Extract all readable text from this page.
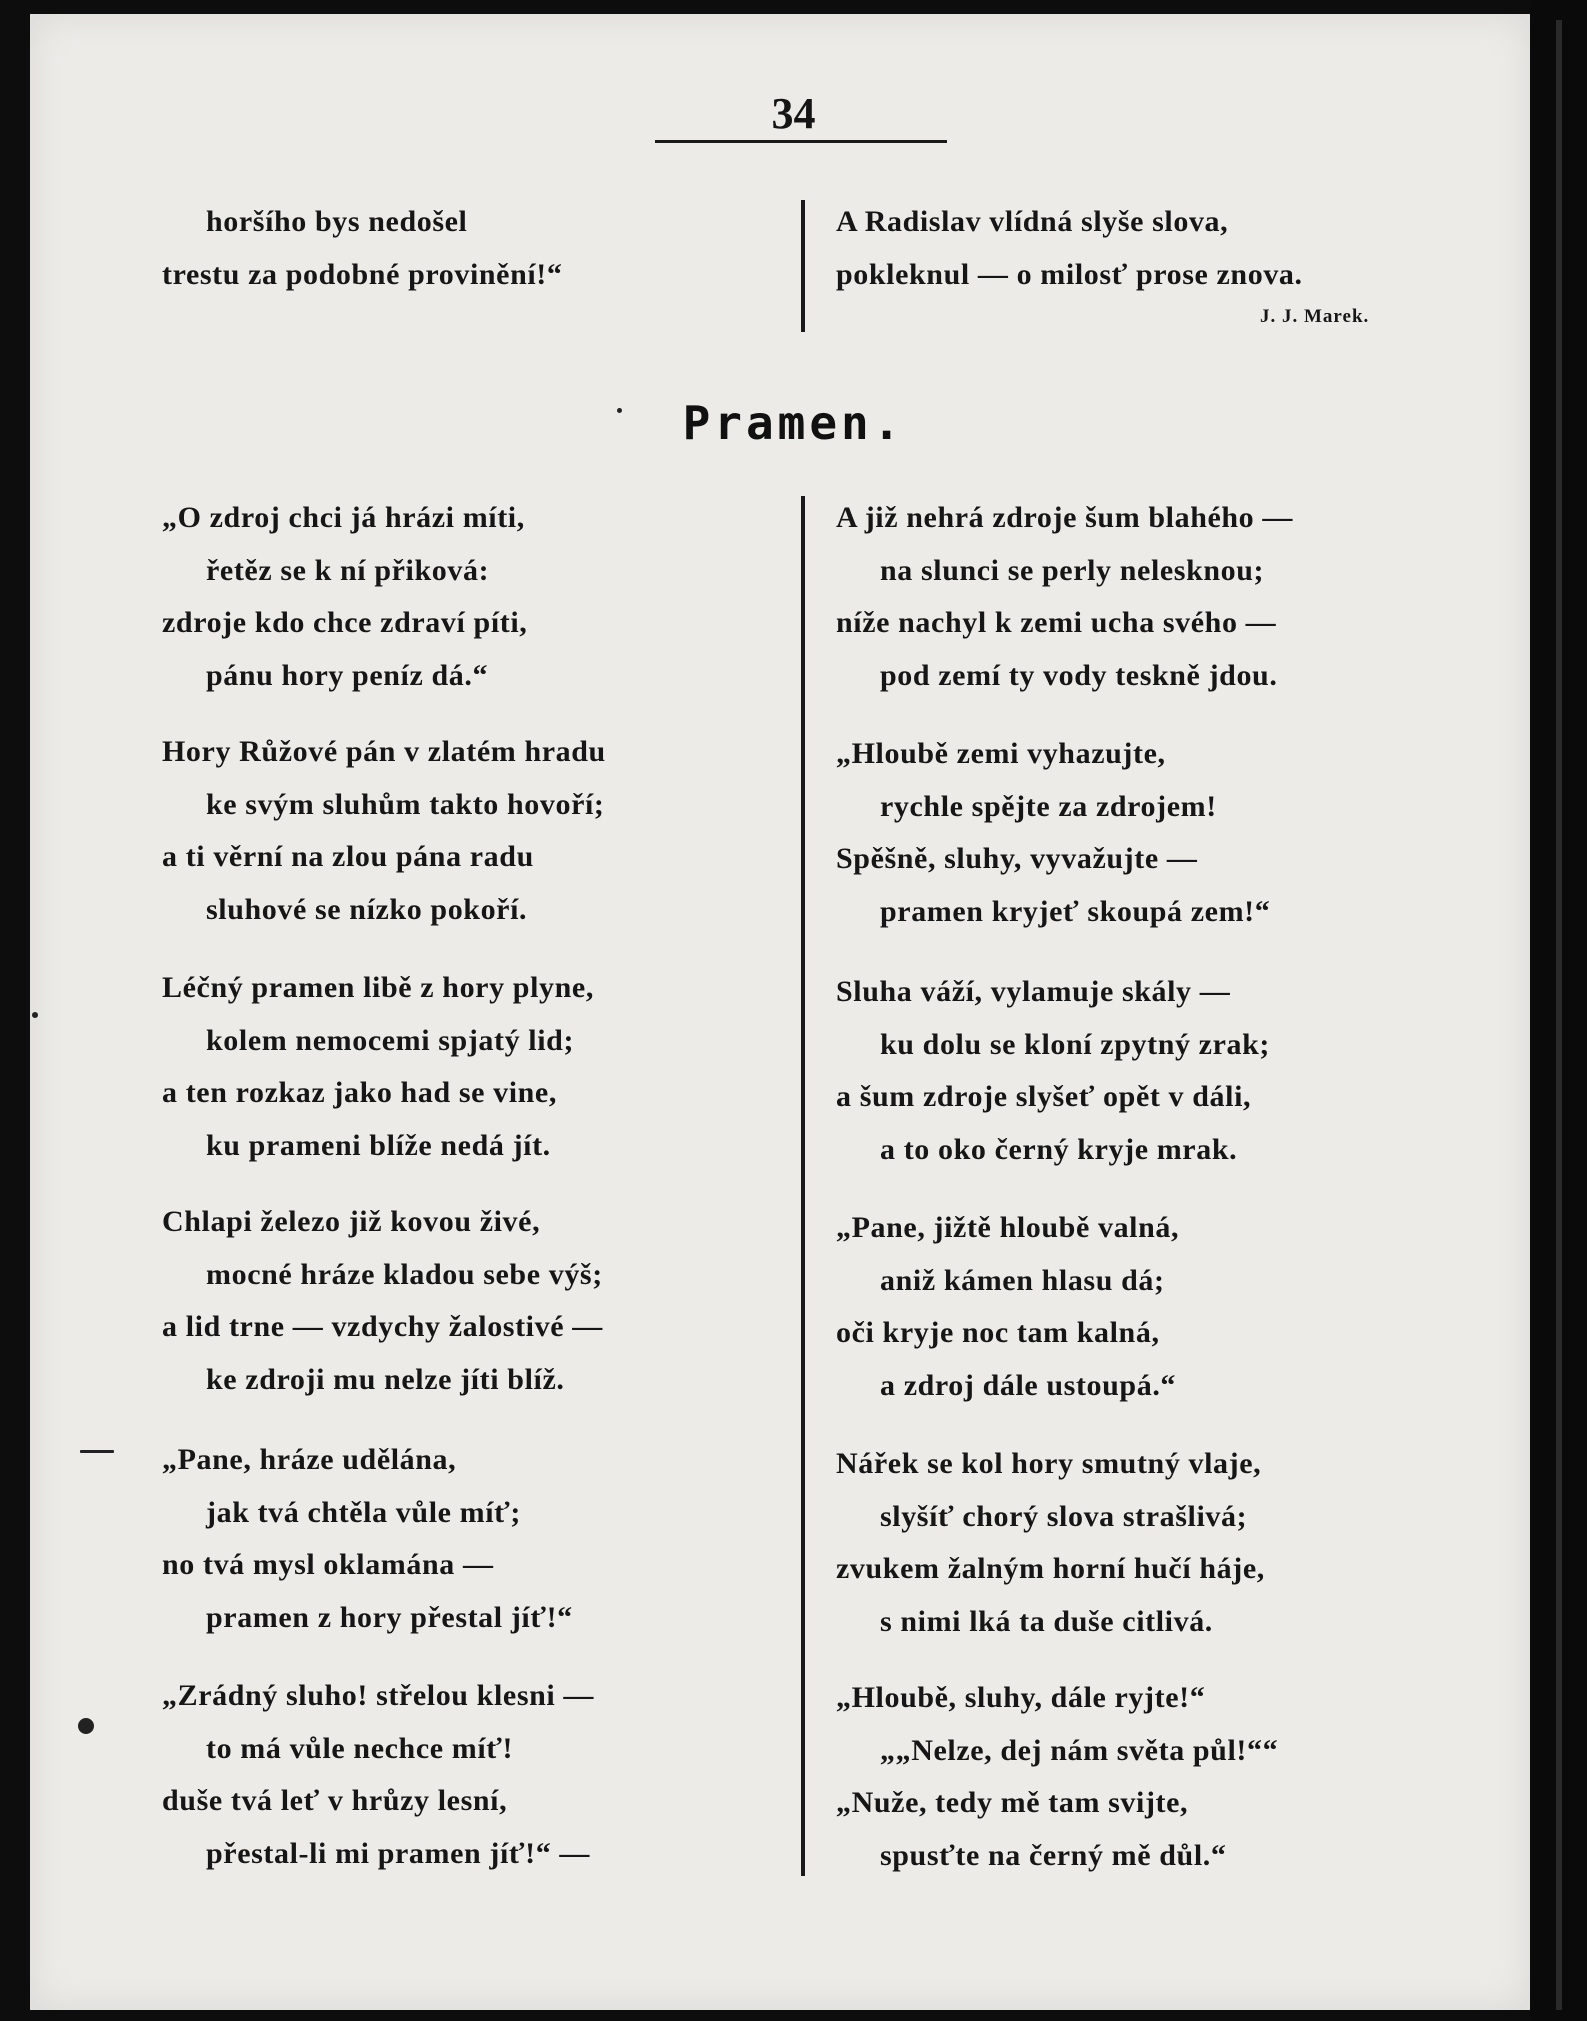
34
horšího bys nedošel
trestu za podobné provinění!“
A Radislav vlídná slyše slova,
pokleknul — o milosť prose znova.
J. J. Marek.
Pramen.
„O zdroj chci já hrázi míti,
řetěz se k ní přiková:
zdroje kdo chce zdraví píti,
pánu hory peníz dá.“
Hory Růžové pán v zlatém hradu
ke svým sluhům takto hovoří;
a ti věrní na zlou pána radu
sluhové se nízko pokoří.
Léčný pramen libě z hory plyne,
kolem nemocemi spjatý lid;
a ten rozkaz jako had se vine,
ku prameni blíže nedá jít.
Chlapi železo již kovou živé,
mocné hráze kladou sebe výš;
a lid trne — vzdychy žalostivé —
ke zdroji mu nelze jíti blíž.
„Pane, hráze udělána,
jak tvá chtěla vůle míť;
no tvá mysl oklamána —
pramen z hory přestal jíť!“
„Zrádný sluho! střelou klesni —
to má vůle nechce míť!
duše tvá leť v hrůzy lesní,
přestal-li mi pramen jíť!“ —
A již nehrá zdroje šum blahého —
na slunci se perly nelesknou;
níže nachyl k zemi ucha svého —
pod zemí ty vody teskně jdou.
„Hloubě zemi vyhazujte,
rychle spějte za zdrojem!
Spěšně, sluhy, vyvažujte —
pramen kryjeť skoupá zem!“
Sluha váží, vylamuje skály —
ku dolu se kloní zpytný zrak;
a šum zdroje slyšeť opět v dáli,
a to oko černý kryje mrak.
„Pane, jižtě hloubě valná,
aniž kámen hlasu dá;
oči kryje noc tam kalná,
a zdroj dále ustoupá.“
Nářek se kol hory smutný vlaje,
slyšíť chorý slova strašlivá;
zvukem žalným horní hučí háje,
s nimi lká ta duše citlivá.
„Hloubě, sluhy, dále ryjte!“
„„Nelze, dej nám světa půl!““
„Nuže, tedy mě tam svijte,
spusťte na černý mě důl.“
